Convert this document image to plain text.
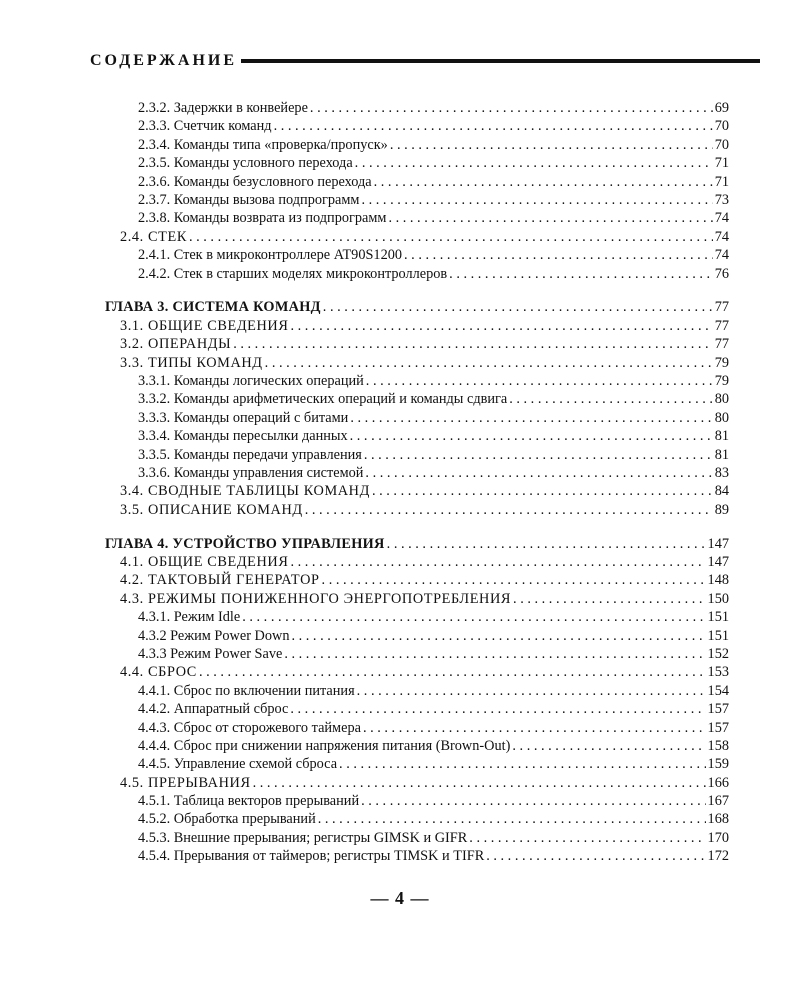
СОДЕРЖАНИЕ
2.3.2. Задержки в конвейере . . .	69
2.3.3. Счетчик команд . . .	70
2.3.4. Команды типа «проверка/пропуск» . . .	70
2.3.5. Команды условного перехода . . .	71
2.3.6. Команды безусловного перехода . . .	71
2.3.7. Команды вызова подпрограмм . . .	73
2.3.8. Команды возврата из подпрограмм . . .	74
2.4. СТЕК . . .	74
2.4.1. Стек в микроконтроллере AT90S1200 . . .	74
2.4.2. Стек в старших моделях микроконтроллеров . . .	76
ГЛАВА 3. СИСТЕМА КОМАНД . . .	77
3.1. ОБЩИЕ СВЕДЕНИЯ . . .	77
3.2. ОПЕРАНДЫ . . .	77
3.3. ТИПЫ КОМАНД . . .	79
3.3.1. Команды логических операций . . .	79
3.3.2. Команды арифметических операций и команды сдвига . . .	80
3.3.3. Команды операций с битами . . .	80
3.3.4. Команды пересылки данных . . .	81
3.3.5. Команды передачи управления . . .	81
3.3.6. Команды управления системой . . .	83
3.4. СВОДНЫЕ ТАБЛИЦЫ КОМАНД . . .	84
3.5. ОПИСАНИЕ КОМАНД . . .	89
ГЛАВА 4. УСТРОЙСТВО УПРАВЛЕНИЯ . . .	147
4.1. ОБЩИЕ СВЕДЕНИЯ . . .	147
4.2. ТАКТОВЫЙ ГЕНЕРАТОР . . .	148
4.3. РЕЖИМЫ ПОНИЖЕННОГО ЭНЕРГОПОТРЕБЛЕНИЯ . . .	150
4.3.1. Режим Idle . . .	151
4.3.2 Режим Power Down . . .	151
4.3.3 Режим Power Save . . .	152
4.4. СБРОС . . .	153
4.4.1. Сброс по включении питания . . .	154
4.4.2. Аппаратный сброс . . .	157
4.4.3. Сброс от сторожевого таймера . . .	157
4.4.4. Сброс при снижении напряжения питания (Brown-Out) . . .	158
4.4.5. Управление схемой сброса . . .	159
4.5. ПРЕРЫВАНИЯ . . .	166
4.5.1. Таблица векторов прерываний . . .	167
4.5.2. Обработка прерываний . . .	168
4.5.3. Внешние прерывания; регистры GIMSK и GIFR . . .	170
4.5.4. Прерывания от таймеров; регистры TIMSK и TIFR . . .	172
— 4 —
